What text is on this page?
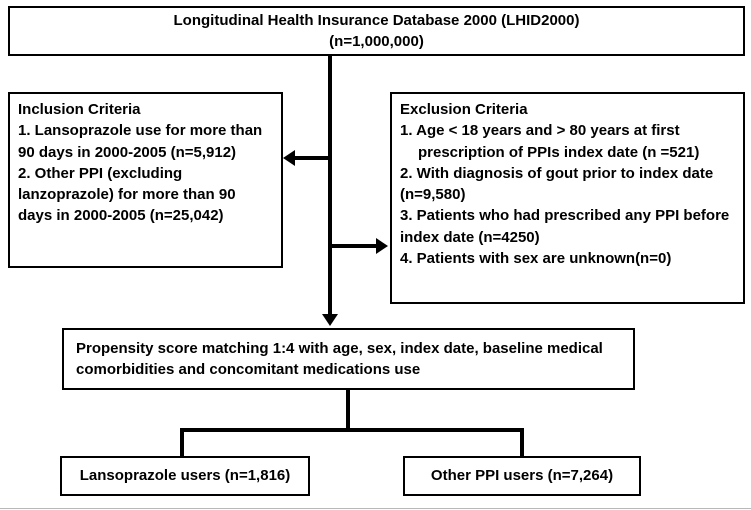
Longitudinal Health Insurance Database 2000 (LHID2000)

(n=1,000,000)

Inclusion Criteria

1. Lansoprazole use for more than 90 days in 2000-2005 (n=5,912)

2. Other PPI (excluding lanzoprazole) for more than 90 days in 2000-2005 (n=25,042)

Exclusion Criteria

1. Age < 18 years and > 80 years at first prescription of PPIs index date (n =521)

2. With diagnosis of gout prior to index date (n=9,580)

3. Patients who had prescribed any PPI before index date (n=4250)

4. Patients with sex are unknown(n=0)

Propensity score matching 1:4 with age, sex, index date, baseline medical comorbidities and concomitant medications use

Lansoprazole users (n=1,816)	Other PPI users (n=7,264)
